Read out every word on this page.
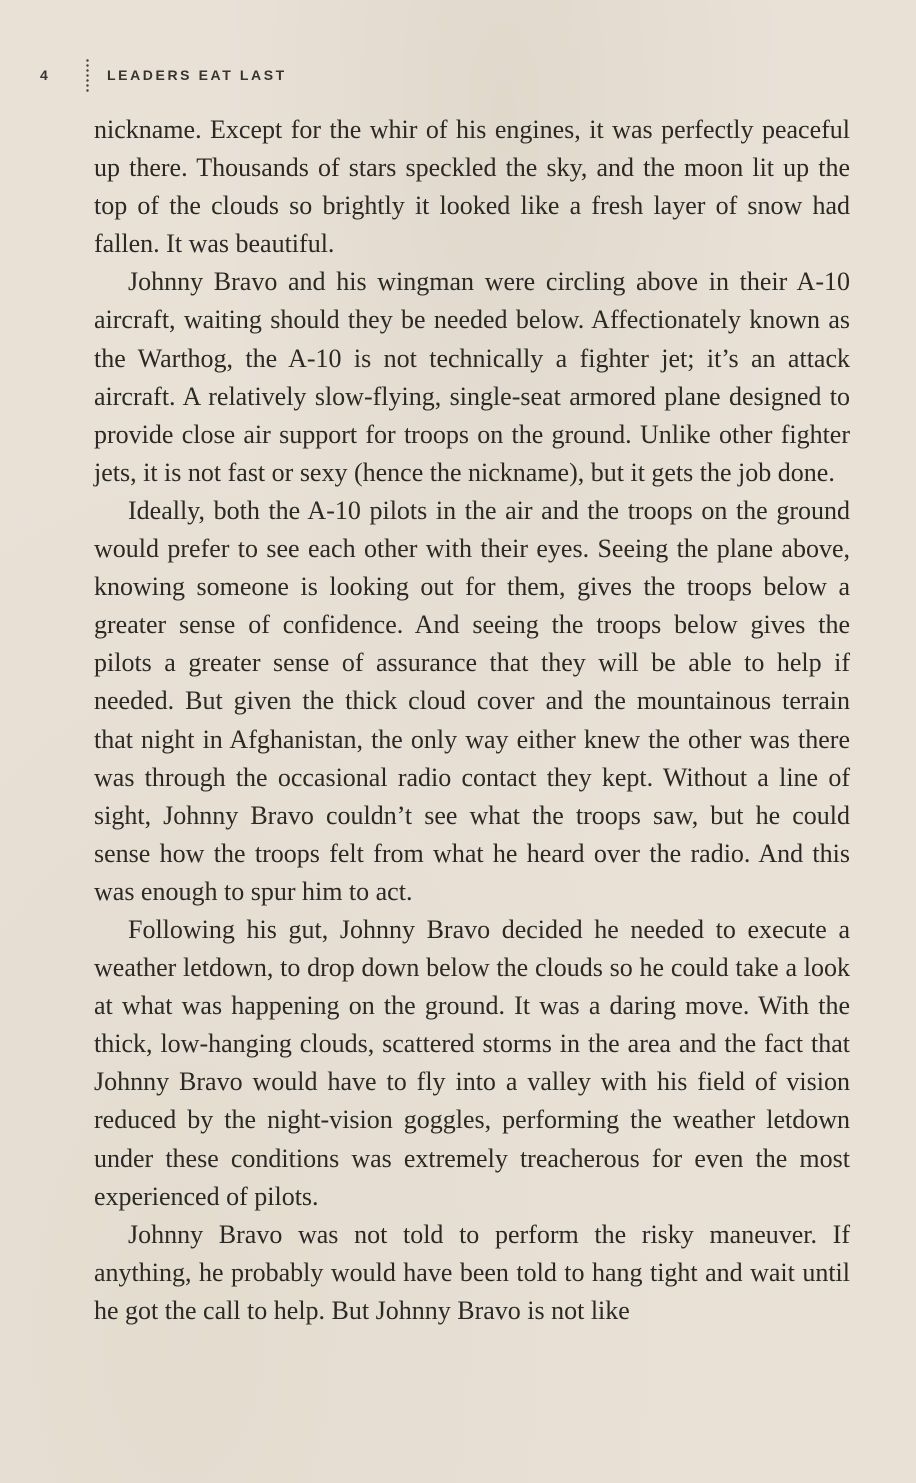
4	LEADERS EAT LAST

nickname. Except for the whir of his engines, it was perfectly peaceful up there. Thousands of stars speckled the sky, and the moon lit up the top of the clouds so brightly it looked like a fresh layer of snow had fallen. It was beautiful.

Johnny Bravo and his wingman were circling above in their A-10 aircraft, waiting should they be needed below. Affectionately known as the Warthog, the A-10 is not technically a fighter jet; it’s an attack aircraft. A relatively slow-flying, single-seat armored plane designed to provide close air support for troops on the ground. Unlike other fighter jets, it is not fast or sexy (hence the nickname), but it gets the job done.

Ideally, both the A-10 pilots in the air and the troops on the ground would prefer to see each other with their eyes. Seeing the plane above, knowing someone is looking out for them, gives the troops below a greater sense of confidence. And seeing the troops below gives the pilots a greater sense of assurance that they will be able to help if needed. But given the thick cloud cover and the mountainous terrain that night in Afghanistan, the only way either knew the other was there was through the occasional radio contact they kept. Without a line of sight, Johnny Bravo couldn’t see what the troops saw, but he could sense how the troops felt from what he heard over the radio. And this was enough to spur him to act.

Following his gut, Johnny Bravo decided he needed to execute a weather letdown, to drop down below the clouds so he could take a look at what was happening on the ground. It was a daring move. With the thick, low-hanging clouds, scattered storms in the area and the fact that Johnny Bravo would have to fly into a valley with his field of vision reduced by the night-vision goggles, performing the weather letdown under these conditions was extremely treacherous for even the most experienced of pilots.

Johnny Bravo was not told to perform the risky maneuver. If anything, he probably would have been told to hang tight and wait until he got the call to help. But Johnny Bravo is not like
